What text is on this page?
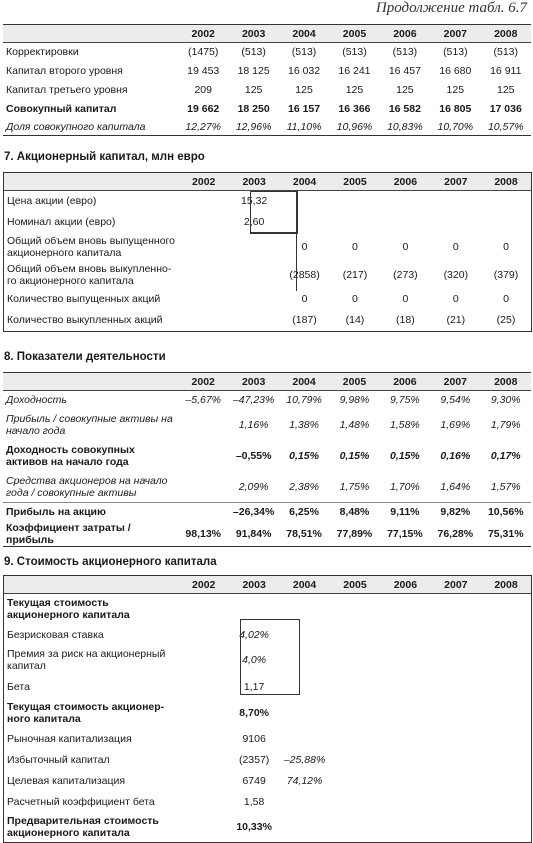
Продолжение табл. 6.7
	2002	2003	2004	2005	2006	2007	2008
Корректировки	(1475)	(513)	(513)	(513)	(513)	(513)	(513)
Капитал второго уровня	19 453	18 125	16 032	16 241	16 457	16 680	16 911
Капитал третьего уровня	209	125	125	125	125	125	125
Совокупный капитал	19 662	18 250	16 157	16 366	16 582	16 805	17 036
Доля совокупного капитала	12,27%	12,96%	11,10%	10,96%	10,83%	10,70%	10,57%
7. Акционерный капитал, млн евро
	2002	2003	2004	2005	2006	2007	2008
Цена акции (евро)		15,32					
Номинал акции (евро)		2,60					
Общий объем вновь выпущенного акционерного капитала			0	0	0	0	0
Общий объем вновь выкупленно-го акционерного капитала			(2858)	(217)	(273)	(320)	(379)
Количество выпущенных акций			0	0	0	0	0
Количество выкупленных акций			(187)	(14)	(18)	(21)	(25)
8. Показатели деятельности
	2002	2003	2004	2005	2006	2007	2008
Доходность	–5,67%	–47,23%	10,79%	9,98%	9,75%	9,54%	9,30%
Прибыль / совокупные активы на начало года		1,16%	1,38%	1,48%	1,58%	1,69%	1,79%
Доходность совокупных активов на начало года		–0,55%	0,15%	0,15%	0,15%	0,16%	0,17%
Средства акционеров на начало года / совокупные активы		2,09%	2,38%	1,75%	1,70%	1,64%	1,57%
Прибыль на акцию		–26,34%	6,25%	8,48%	9,11%	9,82%	10,56%
Коэффициент затраты / прибыль	98,13%	91,84%	78,51%	77,89%	77,15%	76,28%	75,31%
9. Стоимость акционерного капитала
	2002	2003	2004	2005	2006	2007	2008
Текущая стоимость акционерного капитала							
Безрисковая ставка		4,02%					
Премия за риск на акционерный капитал		4,0%					
Бета		1,17					
Текущая стоимость акционер-ного капитала		8,70%					
Рыночная капитализация		9106					
Избыточный капитал		(2357)	–25,88%				
Целевая капитализация		6749	74,12%				
Расчетный коэффициент бета		1,58					
Предварительная стоимость акционерного капитала		10,33%					
